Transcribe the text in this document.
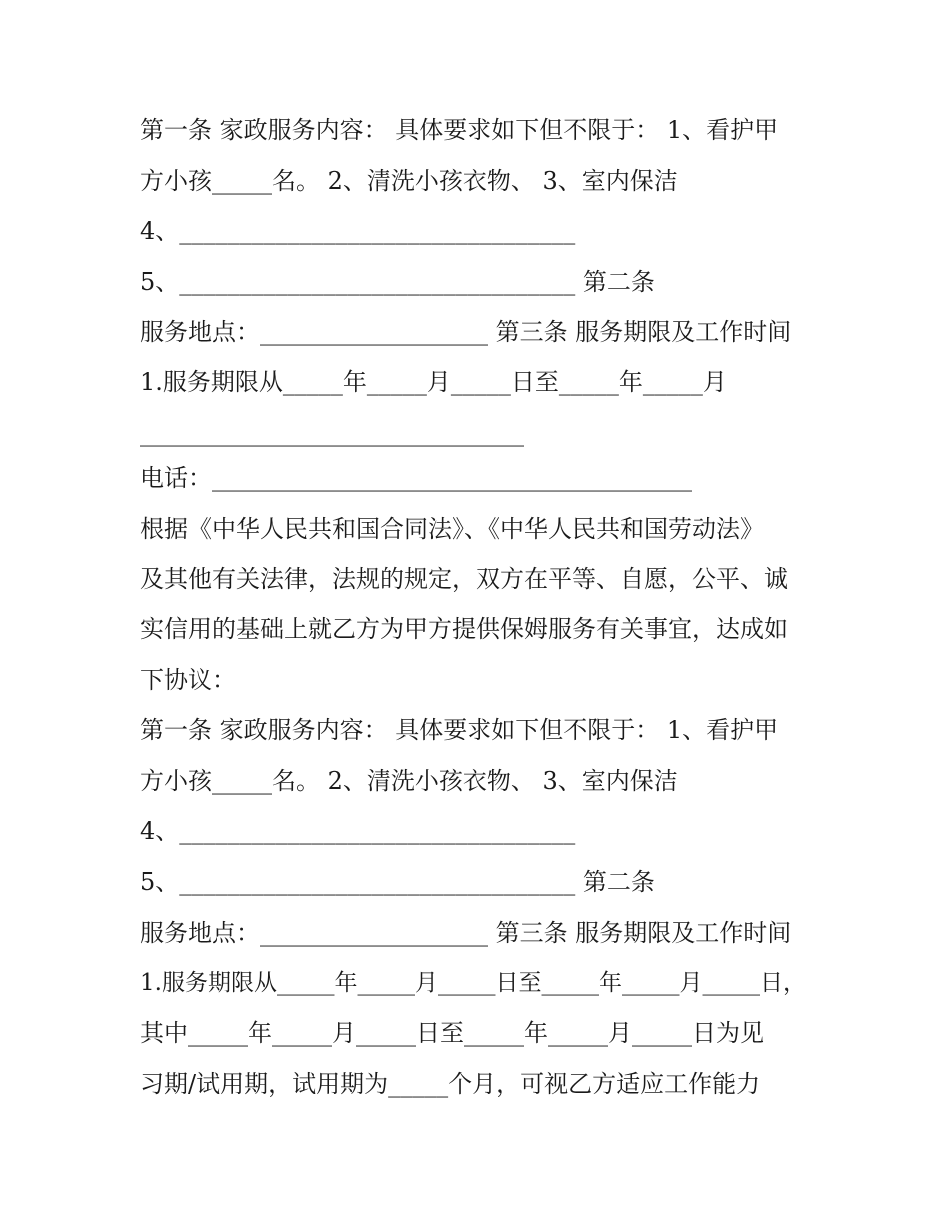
第一条 家政服务内容： 具体要求如下但不限于： 1、看护甲
方小孩_____名。 2、清洗小孩衣物、 3、室内保洁
4、_________________________________
5、_________________________________ 第二条
服务地点：___________________ 第三条 服务期限及工作时间
1.服务期限从_____年_____月_____日至_____年_____月
________________________________
电话：________________________________________
根据《中华人民共和国合同法》、《中华人民共和国劳动法》
及其他有关法律，法规的规定，双方在平等、自愿，公平、诚
实信用的基础上就乙方为甲方提供保姆服务有关事宜，达成如
下协议：
第一条 家政服务内容： 具体要求如下但不限于： 1、看护甲
方小孩_____名。 2、清洗小孩衣物、 3、室内保洁
4、_________________________________
5、_________________________________ 第二条
服务地点：___________________ 第三条 服务期限及工作时间
1.服务期限从_____年_____月_____日至_____年_____月_____日，
其中_____年_____月_____日至_____年_____月_____日为见
习期/试用期，试用期为_____个月，可视乙方适应工作能力
